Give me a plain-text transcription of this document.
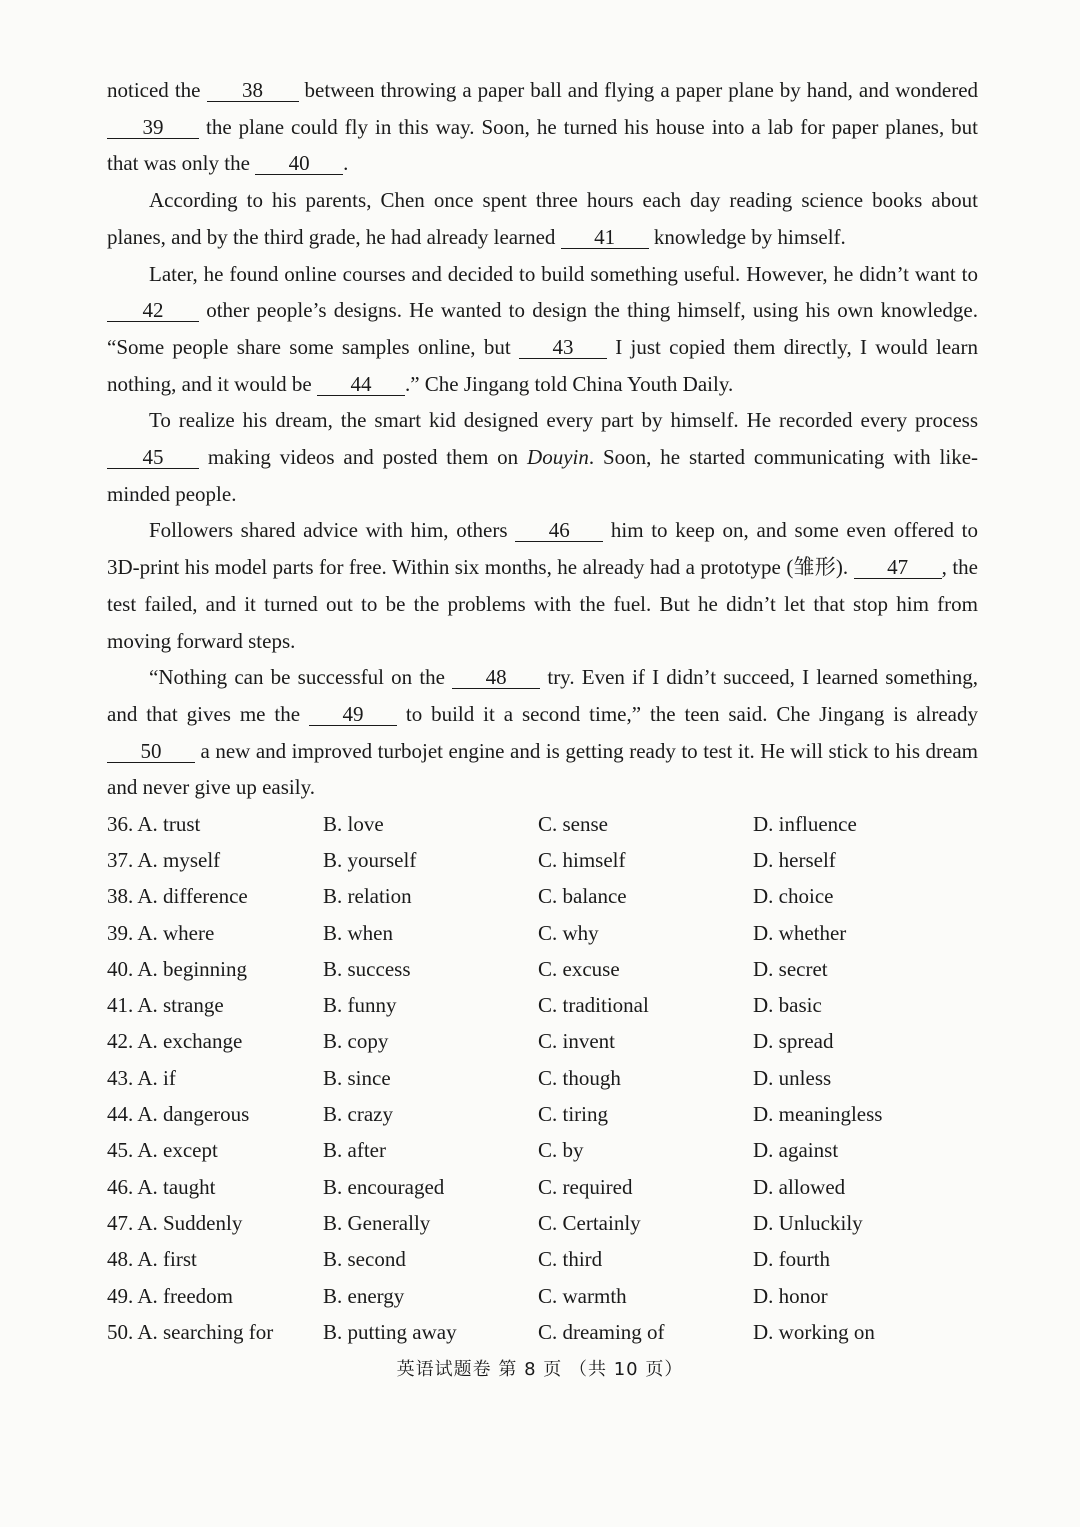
noticed the 38 between throwing a paper ball and flying a paper plane by hand, and wondered 39 the plane could fly in this way. Soon, he turned his house into a lab for paper planes, but that was only the 40 .

According to his parents, Chen once spent three hours each day reading science books about planes, and by the third grade, he had already learned 41 knowledge by himself.

Later, he found online courses and decided to build something useful. However, he didn’t want to 42 other people’s designs. He wanted to design the thing himself, using his own knowledge. “Some people share some samples online, but 43 I just copied them directly, I would learn nothing, and it would be 44 .” Che Jingang told China Youth Daily.

To realize his dream, the smart kid designed every part by himself. He recorded every process 45 making videos and posted them on Douyin. Soon, he started communicating with like-minded people.

Followers shared advice with him, others 46 him to keep on, and some even offered to 3D-print his model parts for free. Within six months, he already had a prototype (雏形). 47 , the test failed, and it turned out to be the problems with the fuel. But he didn’t let that stop him from moving forward steps.

“Nothing can be successful on the 48 try. Even if I didn’t succeed, I learned something, and that gives me the 49 to build it a second time,” the teen said. Che Jingang is already 50 a new and improved turbojet engine and is getting ready to test it. He will stick to his dream and never give up easily.

36. A. trust	B. love	C. sense	D. influence
37. A. myself	B. yourself	C. himself	D. herself
38. A. difference	B. relation	C. balance	D. choice
39. A. where	B. when	C. why	D. whether
40. A. beginning	B. success	C. excuse	D. secret
41. A. strange	B. funny	C. traditional	D. basic
42. A. exchange	B. copy	C. invent	D. spread
43. A. if	B. since	C. though	D. unless
44. A. dangerous	B. crazy	C. tiring	D. meaningless
45. A. except	B. after	C. by	D. against
46. A. taught	B. encouraged	C. required	D. allowed
47. A. Suddenly	B. Generally	C. Certainly	D. Unluckily
48. A. first	B. second	C. third	D. fourth
49. A. freedom	B. energy	C. warmth	D. honor
50. A. searching for	B. putting away	C. dreaming of	D. working on
英语试题卷 第 8 页 （共 10 页）
